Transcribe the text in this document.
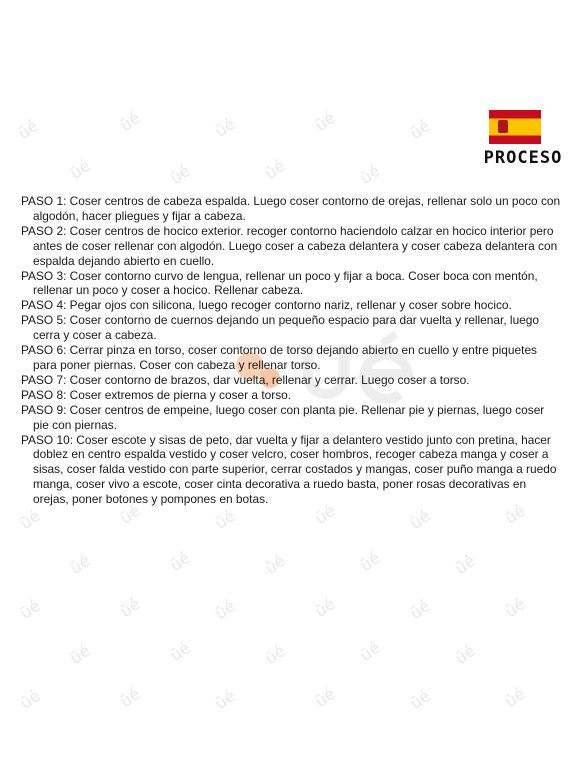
ūé	ūé	ūé	ūé	ūé
ūé	ūé	ūé	ūé
ūé	ūé	ūé	ūé	ūé	ūé
ūé	ūé	ūé	ūé	ūé
ūé	ūé	ūé	ūé	ūé	ūé
ūé	ūé	ūé	ūé	ūé
ūé	ūé	ūé	ūé	ūé	ūé
PROCESO

PASO 1: Coser centros de cabeza espalda. Luego coser contorno de orejas, rellenar solo un poco con algodón, hacer pliegues y fijar a cabeza.

PASO 2: Coser centros de hocico exterior. recoger contorno haciendolo calzar en hocico interior pero antes de coser rellenar con algodón. Luego coser a cabeza delantera y coser cabeza delantera con espalda dejando abierto en cuello.

PASO 3: Coser contorno curvo de lengua, rellenar un poco y fijar a boca. Coser boca con mentón, rellenar un poco y coser a hocico. Rellenar cabeza.

PASO 4: Pegar ojos con silicona, luego recoger contorno nariz, rellenar y coser sobre hocico.

PASO 5: Coser contorno de cuernos dejando un pequeño espacio para dar vuelta y rellenar, luego cerra y coser a cabeza.

PASO 6: Cerrar pinza en torso, coser contorno de torso dejando abierto en cuello y entre piquetes para poner piernas. Coser con cabeza y rellenar torso.

PASO 7: Coser contorno de brazos, dar vuelta, rellenar y cerrar. Luego coser a torso.

PASO 8: Coser extremos de pierna y coser a torso.

PASO 9: Coser centros de empeine, luego coser con planta pie. Rellenar pie y piernas, luego coser pie con piernas.

PASO 10: Coser escote y sisas de peto, dar vuelta y fijar a delantero vestido junto con pretina, hacer doblez en centro espalda vestido y coser velcro, coser hombros, recoger cabeza manga y coser a sisas, coser falda vestido con parte superior, cerrar costados y mangas, coser puño manga a ruedo manga, coser vivo a escote, coser cinta decorativa a ruedo basta, poner rosas decorativas en orejas, poner botones y pompones en botas.
